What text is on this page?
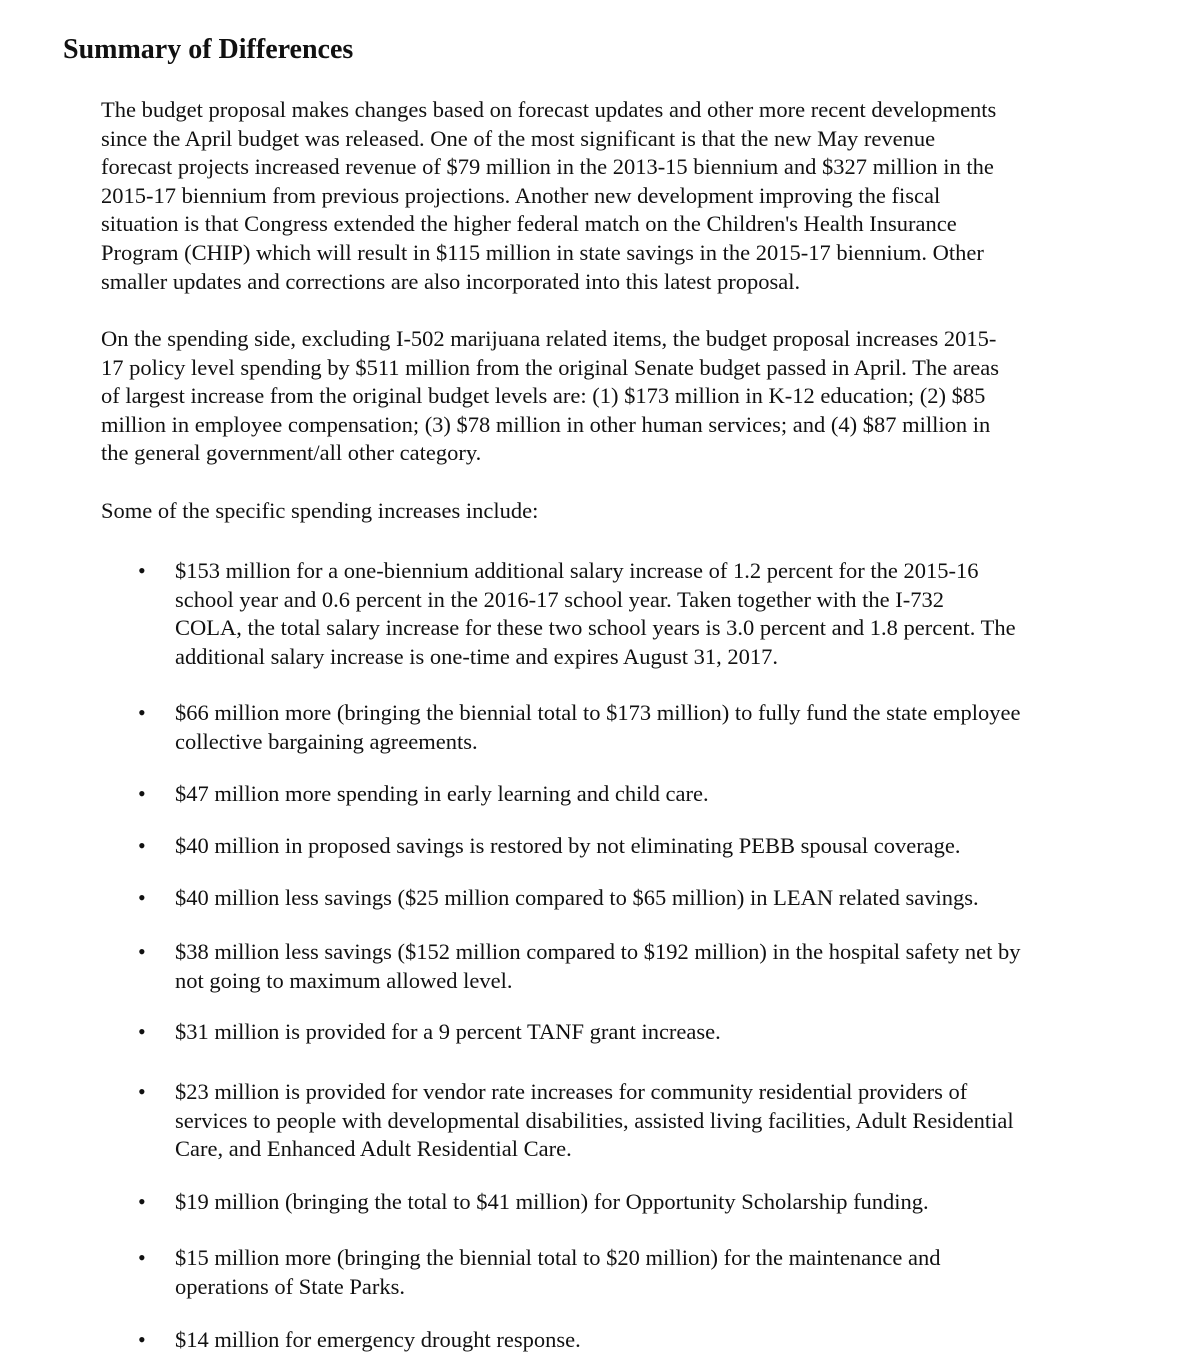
Summary of Differences

The budget proposal makes changes based on forecast updates and other more recent developments
since the April budget was released. One of the most significant is that the new May revenue
forecast projects increased revenue of $79 million in the 2013-15 biennium and $327 million in the
2015-17 biennium from previous projections. Another new development improving the fiscal
situation is that Congress extended the higher federal match on the Children's Health Insurance
Program (CHIP) which will result in $115 million in state savings in the 2015-17 biennium. Other
smaller updates and corrections are also incorporated into this latest proposal.

On the spending side, excluding I-502 marijuana related items, the budget proposal increases 2015-
17 policy level spending by $511 million from the original Senate budget passed in April. The areas
of largest increase from the original budget levels are: (1) $173 million in K-12 education; (2) $85
million in employee compensation; (3) $78 million in other human services; and (4) $87 million in
the general government/all other category.

Some of the specific spending increases include:

• $153 million for a one-biennium additional salary increase of 1.2 percent for the 2015-16
school year and 0.6 percent in the 2016-17 school year. Taken together with the I-732
COLA, the total salary increase for these two school years is 3.0 percent and 1.8 percent. The
additional salary increase is one-time and expires August 31, 2017.
• $66 million more (bringing the biennial total to $173 million) to fully fund the state employee
collective bargaining agreements.
• $47 million more spending in early learning and child care.
• $40 million in proposed savings is restored by not eliminating PEBB spousal coverage.
• $40 million less savings ($25 million compared to $65 million) in LEAN related savings.
• $38 million less savings ($152 million compared to $192 million) in the hospital safety net by
not going to maximum allowed level.
• $31 million is provided for a 9 percent TANF grant increase.
• $23 million is provided for vendor rate increases for community residential providers of
services to people with developmental disabilities, assisted living facilities, Adult Residential
Care, and Enhanced Adult Residential Care.
• $19 million (bringing the total to $41 million) for Opportunity Scholarship funding.
• $15 million more (bringing the biennial total to $20 million) for the maintenance and
operations of State Parks.
• $14 million for emergency drought response.
